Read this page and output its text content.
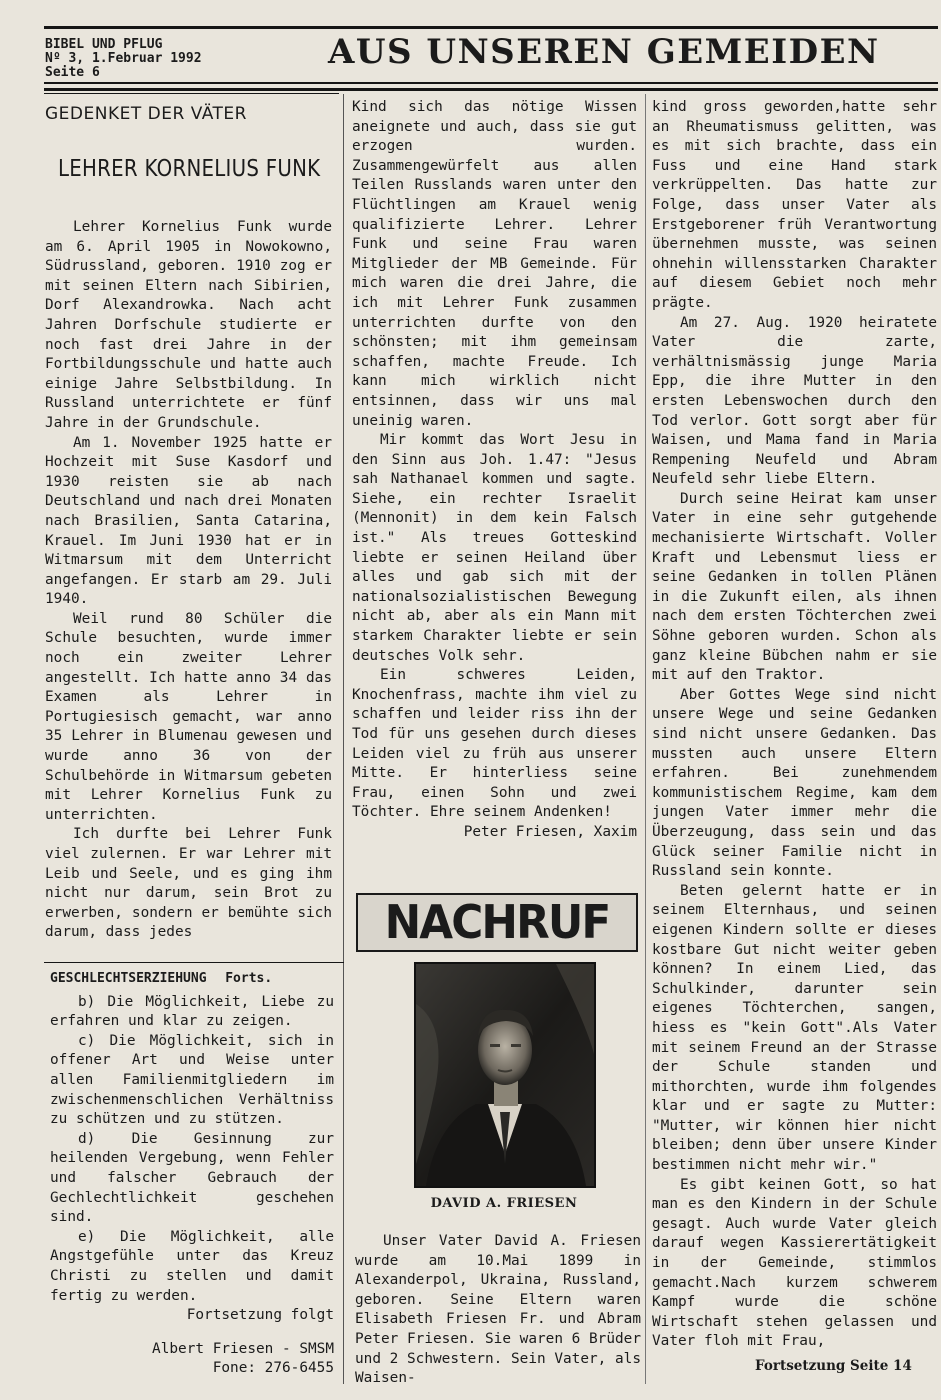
BIBEL UND PFLUG
Nº 3, 1.Februar 1992
Seite 6
AUS UNSEREN GEMEIDEN
GEDENKET DER VÄTER
LEHRER KORNELIUS FUNK

Lehrer Kornelius Funk wurde am 6. April 1905 in Nowokowno, Südrussland, geboren. 1910 zog er mit seinen Eltern nach Sibirien, Dorf Alexandrowka. Nach acht Jahren Dorfschule studierte er noch fast drei Jahre in der Fortbildungsschule und hatte auch einige Jahre Selbstbildung. In Russland unterrichtete er fünf Jahre in der Grundschule.

Am 1. November 1925 hatte er Hochzeit mit Suse Kasdorf und 1930 reisten sie ab nach Deutschland und nach drei Monaten nach Brasilien, Santa Catarina, Krauel. Im Juni 1930 hat er in Witmarsum mit dem Unterricht angefangen. Er starb am 29. Juli 1940.

Weil rund 80 Schüler die Schule besuchten, wurde immer noch ein zweiter Lehrer angestellt. Ich hatte anno 34 das Examen als Lehrer in Portugiesisch gemacht, war anno 35 Lehrer in Blumenau gewesen und wurde anno 36 von der Schulbehörde in Witmarsum gebeten mit Lehrer Kornelius Funk zu unterrichten.

Ich durfte bei Lehrer Funk viel zulernen. Er war Lehrer mit Leib und Seele, und es ging ihm nicht nur darum, sein Brot zu erwerben, sondern er bemühte sich darum, dass jedes

Kind sich das nötige Wissen aneignete und auch, dass sie gut erzogen wurden. Zusammengewürfelt aus allen Teilen Russlands waren unter den Flüchtlingen am Krauel wenig qualifizierte Lehrer. Lehrer Funk und seine Frau waren Mitglieder der MB Gemeinde. Für mich waren die drei Jahre, die ich mit Lehrer Funk zusammen unterrichten durfte von den schönsten; mit ihm gemeinsam schaffen, machte Freude. Ich kann mich wirklich nicht entsinnen, dass wir uns mal uneinig waren.

Mir kommt das Wort Jesu in den Sinn aus Joh. 1.47: "Jesus sah Nathanael kommen und sagte. Siehe, ein rechter Israelit (Mennonit) in dem kein Falsch ist." Als treues Gotteskind liebte er seinen Heiland über alles und gab sich mit der nationalsozialistischen Bewegung nicht ab, aber als ein Mann mit starkem Charakter liebte er sein deutsches Volk sehr.

Ein schweres Leiden, Knochenfrass, machte ihm viel zu schaffen und leider riss ihn der Tod für uns gesehen durch dieses Leiden viel zu früh aus unserer Mitte. Er hinterliess seine Frau, einen Sohn und zwei Töchter. Ehre seinem Andenken!

Peter Friesen, Xaxim

GESCHLECHTSERZIEHUNG Forts.

b) Die Möglichkeit, Liebe zu erfahren und klar zu zeigen.

c) Die Möglichkeit, sich in offener Art und Weise unter allen Familienmitgliedern im zwischenmenschlichen Verhältniss zu schützen und zu stützen.

d) Die Gesinnung zur heilenden Vergebung, wenn Fehler und falscher Gebrauch der Gechlechtlichkeit geschehen sind.

e) Die Möglichkeit, alle Angstgefühle unter das Kreuz Christi zu stellen und damit fertig zu werden.

Fortsetzung folgt

Albert Friesen - SMSM

Fone: 276-6455

NACHRUF
DAVID A. FRIESEN

Unser Vater David A. Friesen wurde am 10.Mai 1899 in Alexanderpol, Ukraina, Russland, geboren. Seine Eltern waren Elisabeth Friesen Fr. und Abram Peter Friesen. Sie waren 6 Brüder und 2 Schwestern. Sein Vater, als Waisen-

kind gross geworden,hatte sehr an Rheumatismuss gelitten, was es mit sich brachte, dass ein Fuss und eine Hand stark verkrüppelten. Das hatte zur Folge, dass unser Vater als Erstgeborener früh Verantwortung übernehmen musste, was seinen ohnehin willensstarken Charakter auf diesem Gebiet noch mehr prägte.

Am 27. Aug. 1920 heiratete Vater die zarte, verhältnismässig junge Maria Epp, die ihre Mutter in den ersten Lebenswochen durch den Tod verlor. Gott sorgt aber für Waisen, und Mama fand in Maria Rempening Neufeld und Abram Neufeld sehr liebe Eltern.

Durch seine Heirat kam unser Vater in eine sehr gutgehende mechanisierte Wirtschaft. Voller Kraft und Lebensmut liess er seine Gedanken in tollen Plänen in die Zukunft eilen, als ihnen nach dem ersten Töchterchen zwei Söhne geboren wurden. Schon als ganz kleine Bübchen nahm er sie mit auf den Traktor.

Aber Gottes Wege sind nicht unsere Wege und seine Gedanken sind nicht unsere Gedanken. Das mussten auch unsere Eltern erfahren. Bei zunehmendem kommunistischem Regime, kam dem jungen Vater immer mehr die Überzeugung, dass sein und das Glück seiner Familie nicht in Russland sein konnte.

Beten gelernt hatte er in seinem Elternhaus, und seinen eigenen Kindern sollte er dieses kostbare Gut nicht weiter geben können? In einem Lied, das Schulkinder, darunter sein eigenes Töchterchen, sangen, hiess es "kein Gott".Als Vater mit seinem Freund an der Strasse der Schule standen und mithorchten, wurde ihm folgendes klar und er sagte zu Mutter: "Mutter, wir können hier nicht bleiben; denn über unsere Kinder bestimmen nicht mehr wir."

Es gibt keinen Gott, so hat man es den Kindern in der Schule gesagt. Auch wurde Vater gleich darauf wegen Kassierertätigkeit in der Gemeinde, stimmlos gemacht.Nach kurzem schwerem Kampf wurde die schöne Wirtschaft stehen gelassen und Vater floh mit Frau,

Fortsetzung Seite 14
